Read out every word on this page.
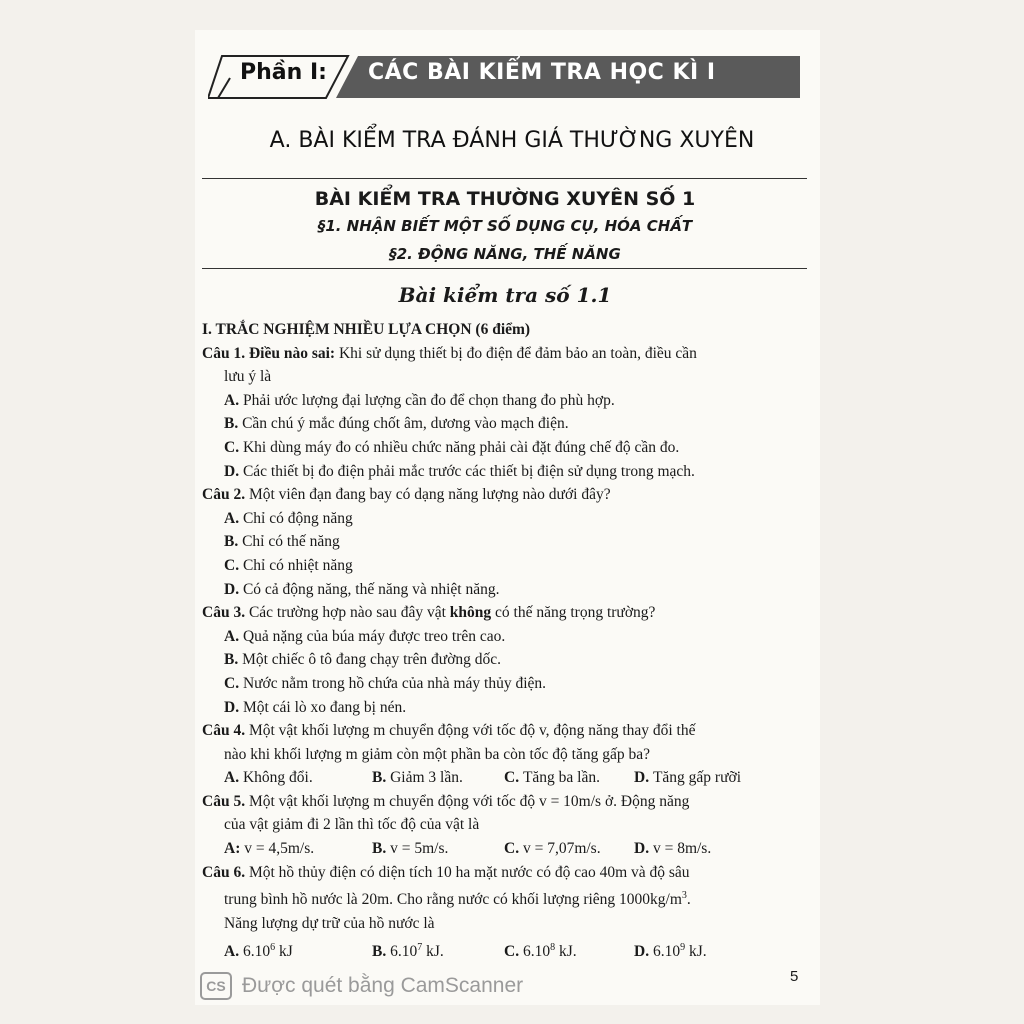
Phần I: CÁC BÀI KIỂM TRA HỌC KÌ I
A. BÀI KIỂM TRA ĐÁNH GIÁ THƯỜNG XUYÊN
BÀI KIỂM TRA THƯỜNG XUYÊN SỐ 1
§1. NHẬN BIẾT MỘT SỐ DỤNG CỤ, HÓA CHẤT
§2. ĐỘNG NĂNG, THẾ NĂNG
Bài kiểm tra số 1.1
I. TRẮC NGHIỆM NHIỀU LỰA CHỌN (6 điểm)
Câu 1. Điều nào sai: Khi sử dụng thiết bị đo điện để đảm bảo an toàn, điều cần
lưu ý là
A. Phải ước lượng đại lượng cần đo để chọn thang đo phù hợp.
B. Cần chú ý mắc đúng chốt âm, dương vào mạch điện.
C. Khi dùng máy đo có nhiều chức năng phải cài đặt đúng chế độ cần đo.
D. Các thiết bị đo điện phải mắc trước các thiết bị điện sử dụng trong mạch.
Câu 2. Một viên đạn đang bay có dạng năng lượng nào dưới đây?
A. Chỉ có động năng
B. Chỉ có thế năng
C. Chỉ có nhiệt năng
D. Có cả động năng, thế năng và nhiệt năng.
Câu 3. Các trường hợp nào sau đây vật không có thế năng trọng trường?
A. Quả nặng của búa máy được treo trên cao.
B. Một chiếc ô tô đang chạy trên đường dốc.
C. Nước nằm trong hồ chứa của nhà máy thủy điện.
D. Một cái lò xo đang bị nén.
Câu 4. Một vật khối lượng m chuyển động với tốc độ v, động năng thay đổi thế
nào khi khối lượng m giảm còn một phần ba còn tốc độ tăng gấp ba?
A. Không đổi.	B. Giảm 3 lần.	C. Tăng ba lần.	D. Tăng gấp rưỡi
Câu 5. Một vật khối lượng m chuyển động với tốc độ v = 10m/s ở. Động năng
của vật giảm đi 2 lần thì tốc độ của vật là
A: v = 4,5m/s.	B. v = 5m/s.	C. v = 7,07m/s.	D. v = 8m/s.
Câu 6. Một hồ thủy điện có diện tích 10 ha mặt nước có độ cao 40m và độ sâu
trung bình hồ nước là 20m. Cho rằng nước có khối lượng riêng $1000kg/m^3$.
Năng lượng dự trữ của hồ nước là
A. 6.10$^6$ kJ	B. 6.10$^7$ kJ.	C. 6.10$^8$ kJ.	D. 6.10$^9$ kJ.
5
CS Được quét bằng CamScanner
